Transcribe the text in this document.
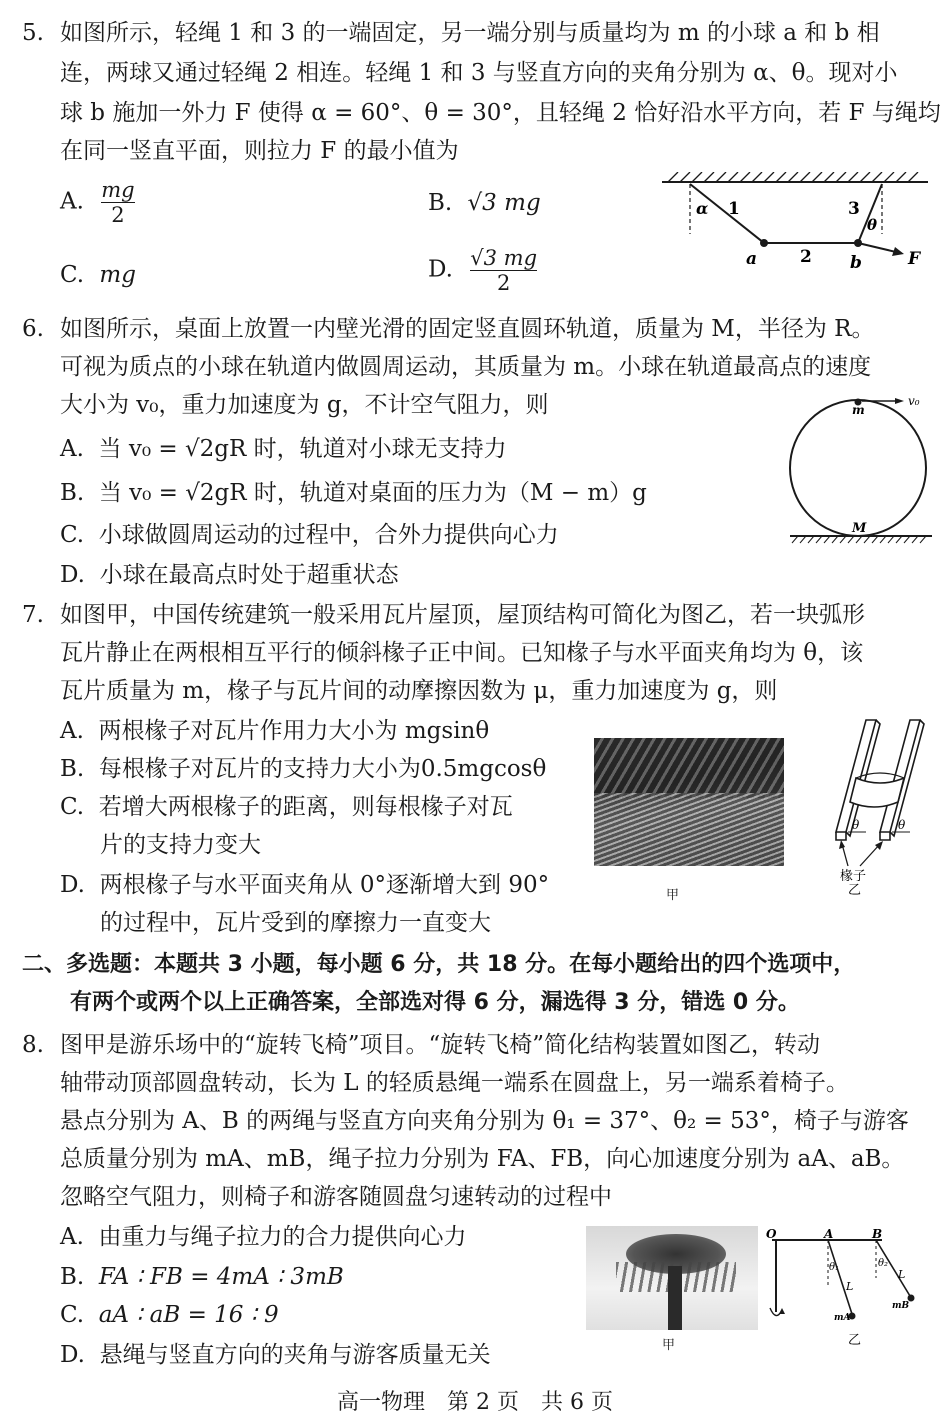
5. 如图所示，轻绳 1 和 3 的一端固定，另一端分别与质量均为 m 的小球 a 和 b 相
连，两球又通过轻绳 2 相连。轻绳 1 和 3 与竖直方向的夹角分别为 α、θ。现对小
球 b 施加一外力 F 使得 α = 60°、θ = 30°，且轻绳 2 恰好沿水平方向，若 F 与绳均
在同一竖直平面，则拉力 F 的最小值为
A. $\frac{mg}{2}$	B. √3 mg
C. mg	D. $\frac{√3 mg}{2}$
α 1
2
3
θ
a	b	F
6. 如图所示，桌面上放置一内壁光滑的固定竖直圆环轨道，质量为 M，半径为 R。
可视为质点的小球在轨道内做圆周运动，其质量为 m。小球在轨道最高点的速度
大小为 v₀，重力加速度为 g，不计空气阻力，则
A. 当 v₀ = √2gR 时，轨道对小球无支持力
B. 当 v₀ = √2gR 时，轨道对桌面的压力为（M − m）g
C. 小球做圆周运动的过程中，合外力提供向心力
D. 小球在最高点时处于超重状态
m
v₀
M
7. 如图甲，中国传统建筑一般采用瓦片屋顶，屋顶结构可简化为图乙，若一块弧形
瓦片静止在两根相互平行的倾斜椽子正中间。已知椽子与水平面夹角均为 θ，该
瓦片质量为 m，椽子与瓦片间的动摩擦因数为 μ，重力加速度为 g，则
A. 两根椽子对瓦片作用力大小为 mgsinθ
B. 每根椽子对瓦片的支持力大小为0.5mgcosθ
C. 若增大两根椽子的距离，则每根椽子对瓦
片的支持力变大
D. 两根椽子与水平面夹角从 0°逐渐增大到 90°
的过程中，瓦片受到的摩擦力一直变大
甲
θ	θ
椽子
乙
二、多选题：本题共 3 小题，每小题 6 分，共 18 分。在每小题给出的四个选项中，
有两个或两个以上正确答案，全部选对得 6 分，漏选得 3 分，错选 0 分。
8. 图甲是游乐场中的“旋转飞椅”项目。“旋转飞椅”简化结构装置如图乙，转动
轴带动顶部圆盘转动，长为 L 的轻质悬绳一端系在圆盘上，另一端系着椅子。
悬点分别为 A、B 的两绳与竖直方向夹角分别为 θ₁ = 37°、θ₂ = 53°，椅子与游客
总质量分别为 mA、mB，绳子拉力分别为 FA、FB，向心加速度分别为 aA、aB。
忽略空气阻力，则椅子和游客随圆盘匀速转动的过程中
A. 由重力与绳子拉力的合力提供向心力
B. FA ∶ FB = 4mA ∶ 3mB
C. aA ∶ aB = 16 ∶ 9
D. 悬绳与竖直方向的夹角与游客质量无关	甲
O	A	B
θ₁	θ₂
L
L
mA
mB
乙
高一物理　第 2 页　共 6 页
